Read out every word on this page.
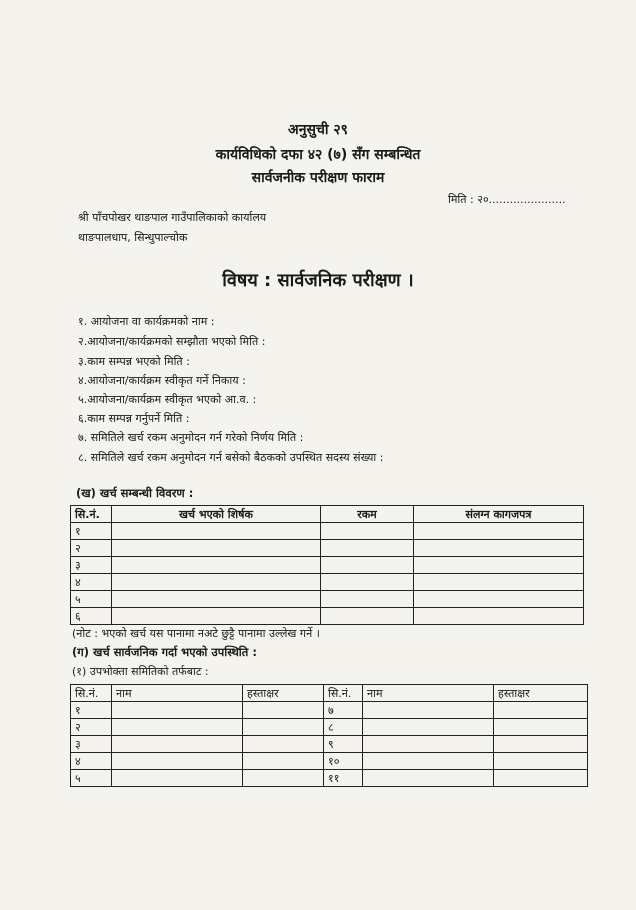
अनुसुची २९
कार्यविधिको दफा ४२ (७) सँग सम्बन्धित
सार्वजनीक परीक्षण फाराम
मिति : २०......................
श्री पाँचपोखर थाङपाल गाउँपालिकाको कार्यालय
थाङपालधाप, सिन्धुपाल्चोक
विषय : सार्वजनिक परीक्षण ।
१. आयोजना वा कार्यक्रमको नाम :
२.आयोजना/कार्यक्रमको सम्झौता भएको मिति :
३.काम सम्पन्न भएको मिति :
४.आयोजना/कार्यक्रम स्वीकृत गर्ने निकाय :
५.आयोजना/कार्यक्रम स्वीकृत भएको आ.व. :
६.काम सम्पन्न गर्नुपर्ने मिति :
७. समितिले खर्च रकम अनुमोदन गर्न गरेको निर्णय मिति :
८. समितिले खर्च रकम अनुमोदन गर्न बसेको बैठकको उपस्थित सदस्य संख्या :
(ख) खर्च सम्बन्धी विवरण :
सि.नं.	खर्च भएको शिर्षक	रकम	संलग्न कागजपत्र
१			
२			
३			
४			
५			
६			
(नोट : भएको खर्च यस पानामा नअटे छुट्टै पानामा उल्लेख गर्ने ।
(ग) खर्च सार्वजनिक गर्दा भएको उपस्थिति :
(१) उपभोक्ता समितिको तर्फबाट :
सि.नं.	नाम	हस्ताक्षर	सि.नं.	नाम	हस्ताक्षर
१			७		
२			८		
३			९		
४			१०		
५			११		
